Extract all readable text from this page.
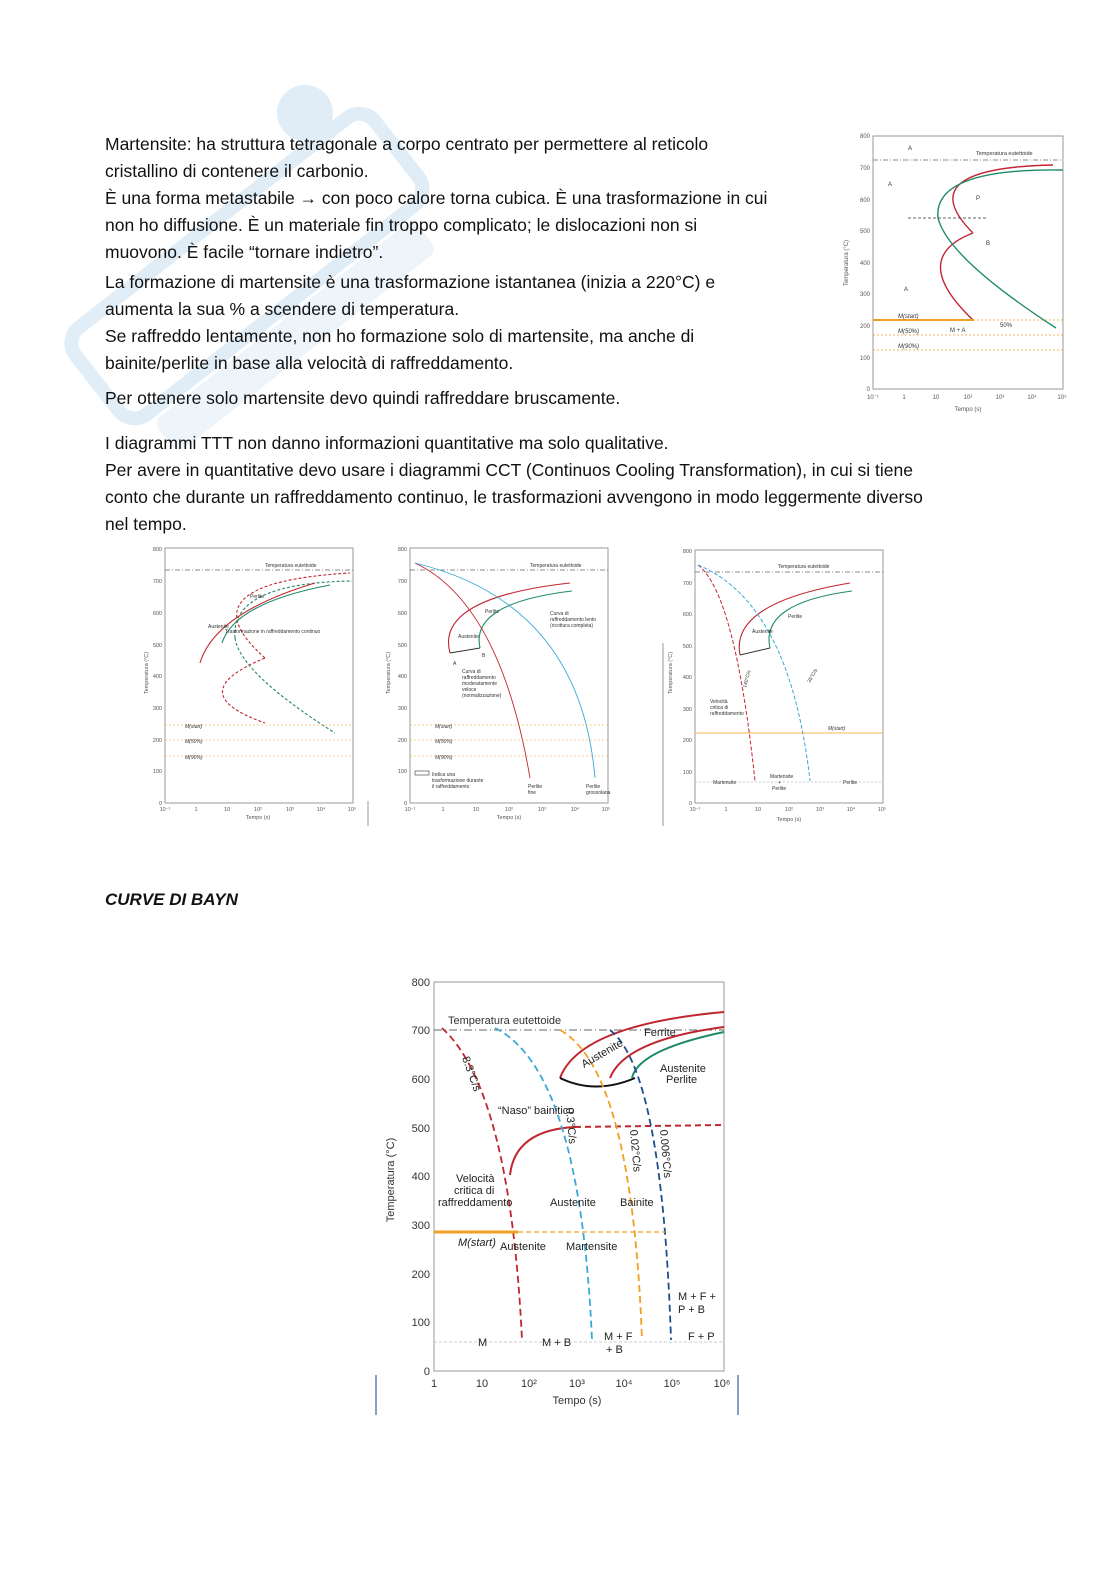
Martensite: ha struttura tetragonale a corpo centrato per permettere al reticolo
cristallino di contenere il carbonio.
È una forma metastabile → con poco calore torna cubica. È una trasformazione in cui
non ho diffusione. È un materiale fin troppo complicato; le dislocazioni non si
muovono. È facile “tornare indietro”.
La formazione di martensite è una trasformazione istantanea (inizia a 220°C) e
aumenta la sua % a scendere di temperatura.
Se raffreddo lentamente, non ho formazione solo di martensite, ma anche di
bainite/perlite in base alla velocità di raffreddamento.
Per ottenere solo martensite devo quindi raffreddare bruscamente.
I diagrammi TTT non danno informazioni quantitative ma solo qualitative.
Per avere in quantitative devo usare i diagrammi CCT (Continuos Cooling Transformation), in cui si tiene
conto che durante un raffreddamento continuo, le trasformazioni avvengono in modo leggermente diverso
nel tempo.
CURVE DI BAYN
800
700
600
500
400
300
200
100
0
10⁻¹	1	10	10²	10³	10⁴	10⁵
Tempo (s)
Temperatura (°C)
Temperatura eutettoide
A
A
P
B
A
M + A
50%
M(start)
M(50%)
M(90%)
800
700
600
500
400
300
200
100
0
10⁻¹	1	10	10²	10³	10⁴	10⁵
Tempo (s)
Temperatura (°C)
Temperatura eutettoide
Perlite
Austenite
Trasformazione in raffreddamento continuo
M(start)
M(50%)
M(90%)
800
700
600
500
400
300
200
100
0
10⁻¹	1	10	10²	10³	10⁴	10⁵
Tempo (s)
Temperatura (°C)
Temperatura eutettoide
Austenite
Perlite
A
B
Curva di
raffreddamento lento
(ricottura completa)
Curva di
raffreddamento
moderatamente
veloce
(normalizzazione)
M(start)
M(50%)
M(90%)
Indica una
trasformazione durante
il raffreddamento	Perlite
fine
Perlite
grossolana
800
700
600
500
400
300
200
100
0
10⁻¹	1	10	10²	10³	10⁴	10⁵
Tempo (s)
Temperatura (°C)
Temperatura eutettoide
Austenite
Perlite
140°C/s	35°C/s
Velocità
critica di
raffreddamento
M(start)
Martensite
Martensite
+
Perlite
Perlite
800
700
600
500
400
300
200
100
0
1	10	10²	10³	10⁴	10⁵	10⁶
Tempo (s)
Temperatura (°C)
Temperatura eutettoide
8.3°C/s
0.3°C/s
0.02°C/s 0.006°C/s
Austenite
Ferrite
Austenite
Perlite
“Naso” bainitico
Austenite Bainite
Austenite Martensite
Velocità
critica di
raffreddamento
M(start)
M	M + B	M + F
+ B
M + F +
P + B
F + P
